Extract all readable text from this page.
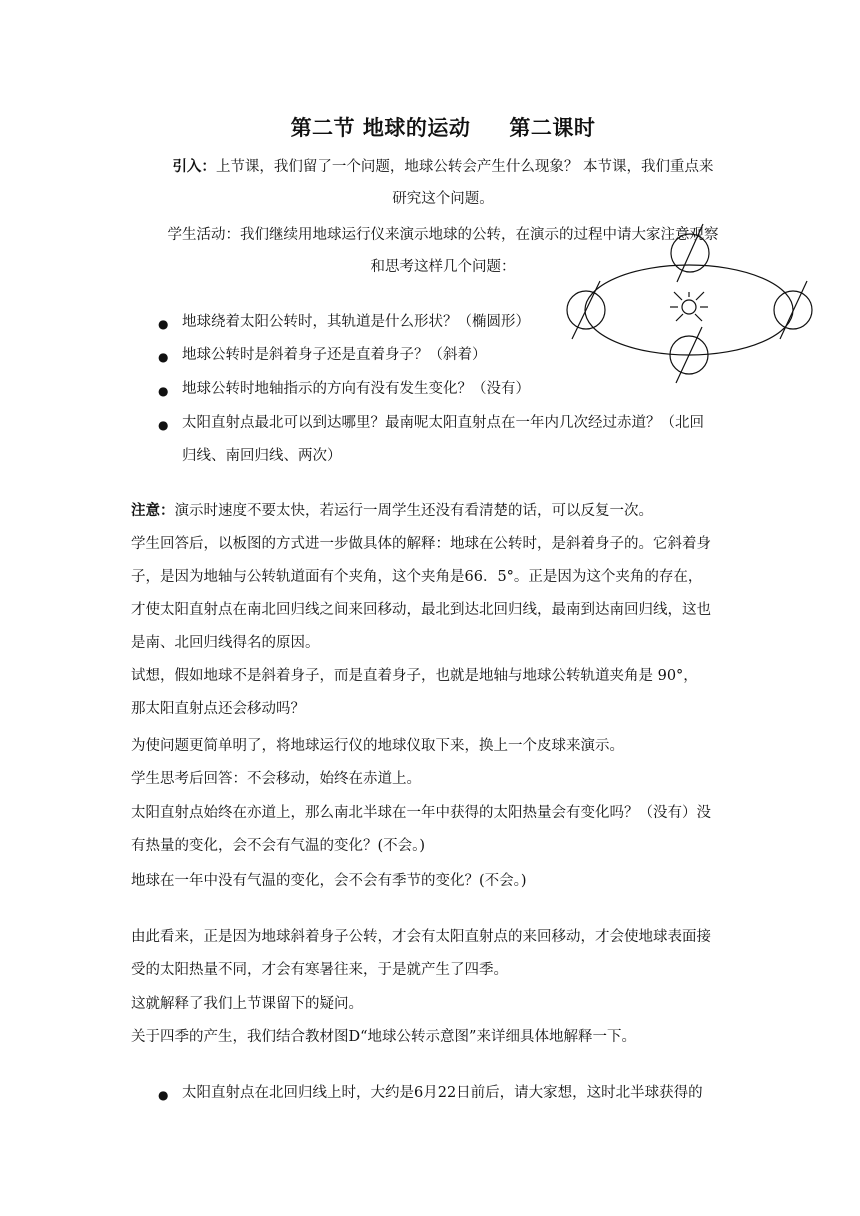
第二节 地球的运动     第二课时
引入：上节课，我们留了一个问题，地球公转会产生什么现象？ 本节课，我们重点来
研究这个问题。
学生活动：我们继续用地球运行仪来演示地球的公转，在演示的过程中请大家注意观察
和思考这样几个问题：
● 地球绕着太阳公转时，其轨道是什么形状？（椭圆形）
● 地球公转时是斜着身子还是直着身子？（斜着）
● 地球公转时地轴指示的方向有没有发生变化？（没有）
● 太阳直射点最北可以到达哪里？最南呢太阳直射点在一年内几次经过赤道？（北回
归线、南回归线、两次）
注意：演示时速度不要太快，若运行一周学生还没有看清楚的话，可以反复一次。
学生回答后，以板图的方式进一步做具体的解释：地球在公转时，是斜着身子的。它斜着身
子，是因为地轴与公转轨道面有个夹角，这个夹角是66．5°。正是因为这个夹角的存在，
才使太阳直射点在南北回归线之间来回移动，最北到达北回归线，最南到达南回归线，这也
是南、北回归线得名的原因。
试想，假如地球不是斜着身子，而是直着身子，也就是地轴与地球公转轨道夹角是 90°，
那太阳直射点还会移动吗？
为使问题更简单明了，将地球运行仪的地球仪取下来，换上一个皮球来演示。
学生思考后回答：不会移动，始终在赤道上。
太阳直射点始终在亦道上，那么南北半球在一年中获得的太阳热量会有变化吗？（没有）没
有热量的变化，会不会有气温的变化？(不会。)
地球在一年中没有气温的变化，会不会有季节的变化？(不会。)
由此看来，正是因为地球斜着身子公转，才会有太阳直射点的来回移动，才会使地球表面接
受的太阳热量不同，才会有寒暑往来，于是就产生了四季。
这就解释了我们上节课留下的疑问。
关于四季的产生，我们结合教材图D“地球公转示意图”来详细具体地解释一下。
● 太阳直射点在北回归线上时，大约是6月22日前后，请大家想，这时北半球获得的
